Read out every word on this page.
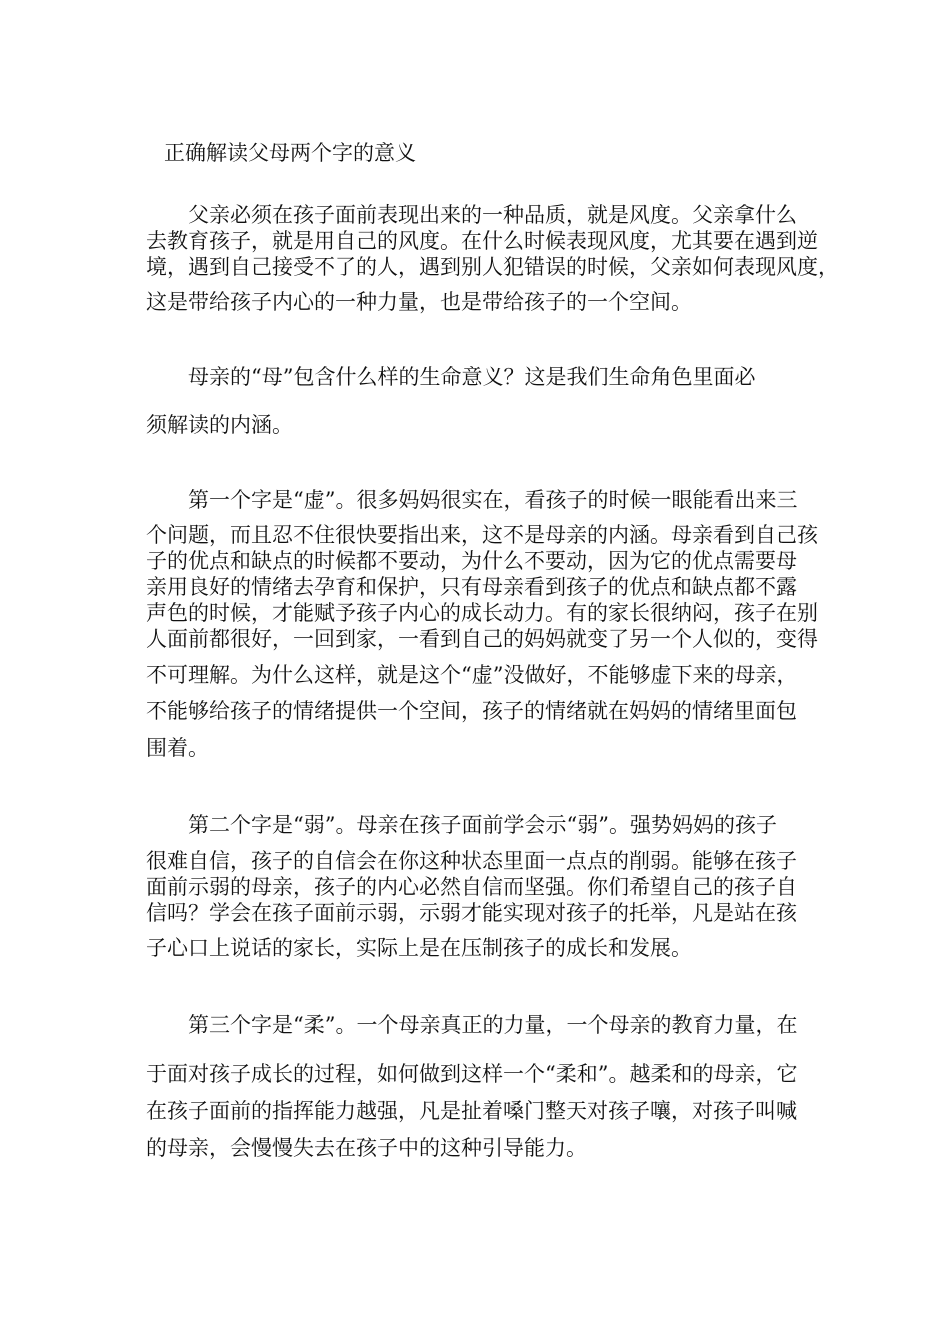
正确解读父母两个字的意义
父亲必须在孩子面前表现出来的一种品质，就是风度。父亲拿什么
去教育孩子，就是用自己的风度。在什么时候表现风度，尤其要在遇到逆
境，遇到自己接受不了的人，遇到别人犯错误的时候，父亲如何表现风度，
这是带给孩子内心的一种力量，也是带给孩子的一个空间。
母亲的“母”包含什么样的生命意义？这是我们生命角色里面必
须解读的内涵。
第一个字是“虚”。很多妈妈很实在，看孩子的时候一眼能看出来三
个问题，而且忍不住很快要指出来，这不是母亲的内涵。母亲看到自己孩
子的优点和缺点的时候都不要动，为什么不要动，因为它的优点需要母
亲用良好的情绪去孕育和保护，只有母亲看到孩子的优点和缺点都不露
声色的时候，才能赋予孩子内心的成长动力。有的家长很纳闷，孩子在别
人面前都很好，一回到家，一看到自己的妈妈就变了另一个人似的，变得
不可理解。为什么这样，就是这个“虚”没做好，不能够虚下来的母亲，
不能够给孩子的情绪提供一个空间，孩子的情绪就在妈妈的情绪里面包
围着。
第二个字是“弱”。母亲在孩子面前学会示“弱”。强势妈妈的孩子
很难自信，孩子的自信会在你这种状态里面一点点的削弱。能够在孩子
面前示弱的母亲，孩子的内心必然自信而坚强。你们希望自己的孩子自
信吗？学会在孩子面前示弱，示弱才能实现对孩子的托举，凡是站在孩
子心口上说话的家长，实际上是在压制孩子的成长和发展。
第三个字是“柔”。一个母亲真正的力量，一个母亲的教育力量，在
于面对孩子成长的过程，如何做到这样一个“柔和”。越柔和的母亲，它
在孩子面前的指挥能力越强，凡是扯着嗓门整天对孩子嚷，对孩子叫喊
的母亲，会慢慢失去在孩子中的这种引导能力。
